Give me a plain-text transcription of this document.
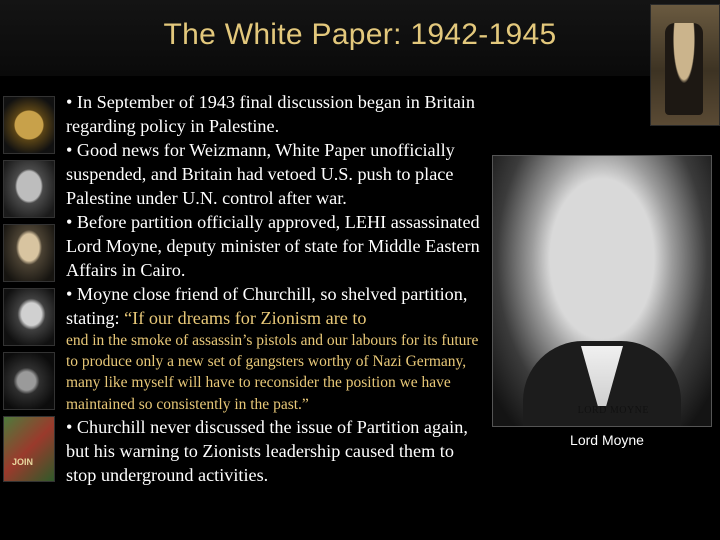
The White Paper: 1942-1945
JOIN

• In September of 1943 final discussion began in Britain regarding policy in Palestine.

• Good news for Weizmann, White Paper unofficially suspended, and Britain had vetoed U.S. push to place Palestine under U.N. control after war.

• Before partition officially approved, LEHI assassinated Lord Moyne, deputy minister of state for Middle Eastern Affairs in Cairo.

• Moyne close friend of Churchill, so shelved partition, stating: “If our dreams for Zionism are to

end in the smoke of assassin’s pistols and our labours for its future to produce only a new set of gangsters worthy of Nazi Germany, many like myself will have to reconsider the position we have maintained so consistently in the past.”

• Churchill never discussed the issue of Partition again, but his warning to Zionists leadership caused them to stop underground activities.

LORD MOYNE
Lord Moyne
